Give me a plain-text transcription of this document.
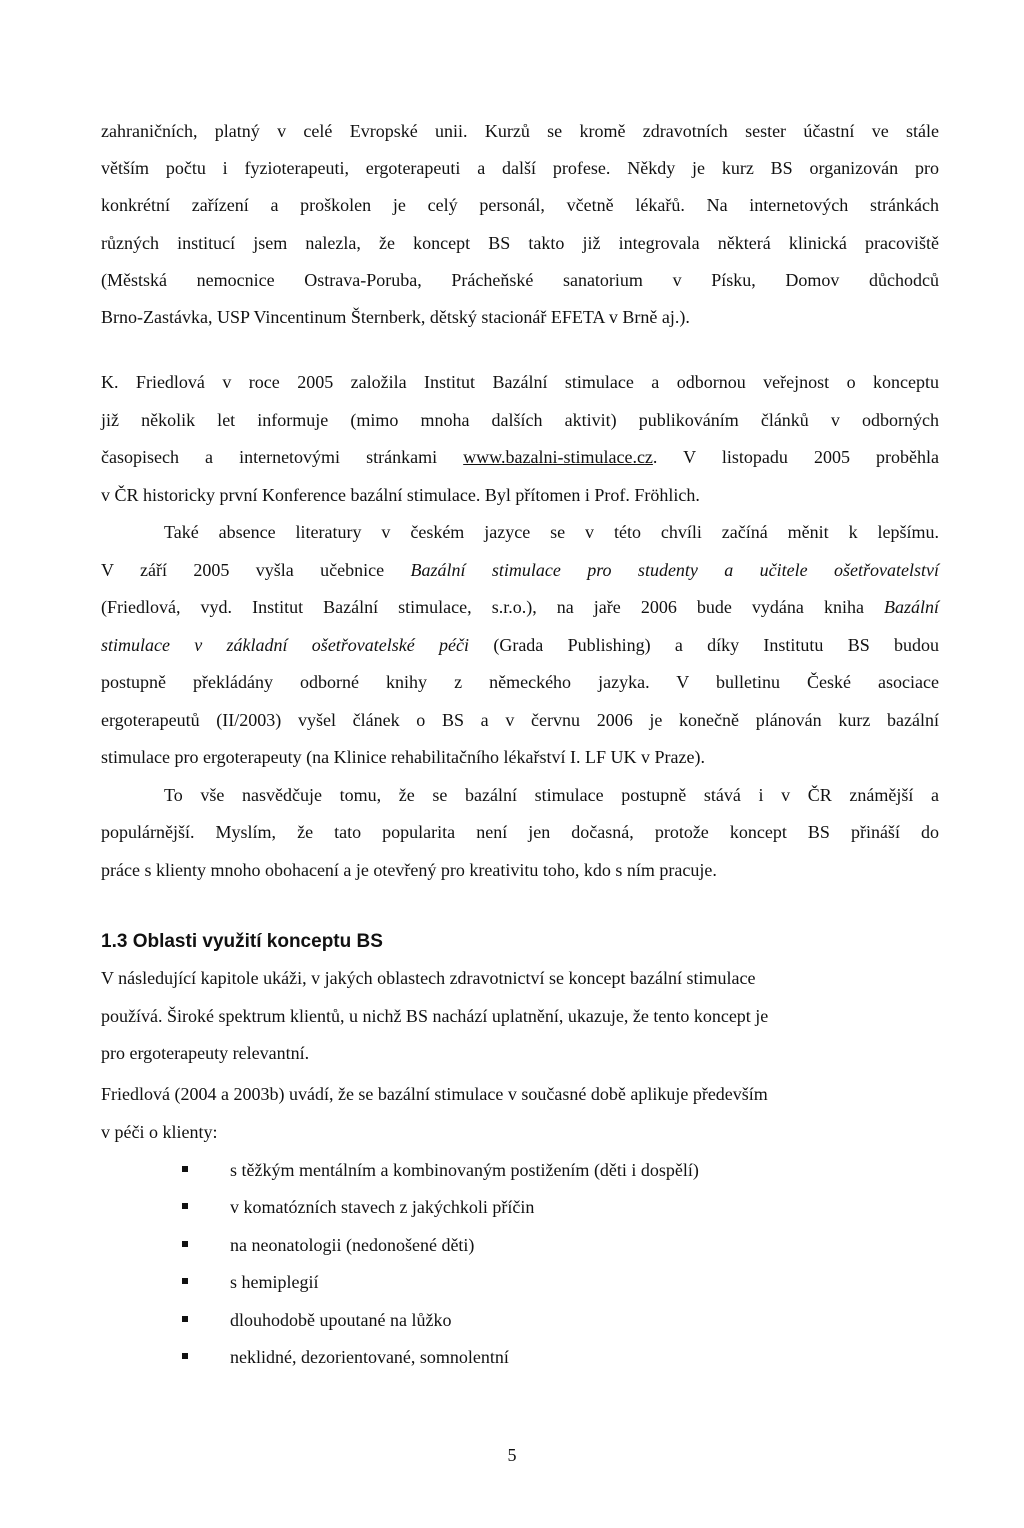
zahraničních, platný v celé Evropské unii. Kurzů se kromě zdravotních sester účastní ve stále
větším počtu i fyzioterapeuti, ergoterapeuti a další profese. Někdy je kurz BS organizován pro
konkrétní zařízení a proškolen je celý personál, včetně lékařů. Na internetových stránkách
různých institucí jsem nalezla, že koncept BS takto již integrovala některá klinická pracoviště
(Městská nemocnice Ostrava-Poruba, Prácheňské sanatorium v Písku, Domov důchodců
Brno-Zastávka, USP Vincentinum Šternberk, dětský stacionář EFETA v Brně aj.).
K. Friedlová v roce 2005 založila Institut Bazální stimulace a odbornou veřejnost o konceptu
již několik let informuje (mimo mnoha dalších aktivit) publikováním článků v odborných
časopisech a internetovými stránkami www.bazalni-stimulace.cz. V listopadu 2005 proběhla
v ČR historicky první Konference bazální stimulace. Byl přítomen i Prof. Fröhlich.
Také absence literatury v českém jazyce se v této chvíli začíná měnit k lepšímu.
V září 2005 vyšla učebnice Bazální stimulace pro studenty a učitele ošetřovatelství
(Friedlová, vyd. Institut Bazální stimulace, s.r.o.), na jaře 2006 bude vydána kniha Bazální
stimulace v základní ošetřovatelské péči (Grada Publishing) a díky Institutu BS budou
postupně překládány odborné knihy z německého jazyka. V bulletinu České asociace
ergoterapeutů (II/2003) vyšel článek o BS a v červnu 2006 je konečně plánován kurz bazální
stimulace pro ergoterapeuty (na Klinice rehabilitačního lékařství I. LF UK v Praze).
To vše nasvědčuje tomu, že se bazální stimulace postupně stává i v ČR známější a
populárnější. Myslím, že tato popularita není jen dočasná, protože koncept BS přináší do
práce s klienty mnoho obohacení a je otevřený pro kreativitu toho, kdo s ním pracuje.
1.3 Oblasti využití konceptu BS
V následující kapitole ukáži, v jakých oblastech zdravotnictví se koncept bazální stimulace
používá. Široké spektrum klientů, u nichž BS nachází uplatnění, ukazuje, že tento koncept je
pro ergoterapeuty relevantní.
Friedlová (2004 a 2003b) uvádí, že se bazální stimulace v současné době aplikuje především
v péči o klienty:
s těžkým mentálním a kombinovaným postižením (děti i dospělí)
v komatózních stavech z jakýchkoli příčin
na neonatologii (nedonošené děti)
s hemiplegií
dlouhodobě upoutané na lůžko
neklidné, dezorientované, somnolentní
5
